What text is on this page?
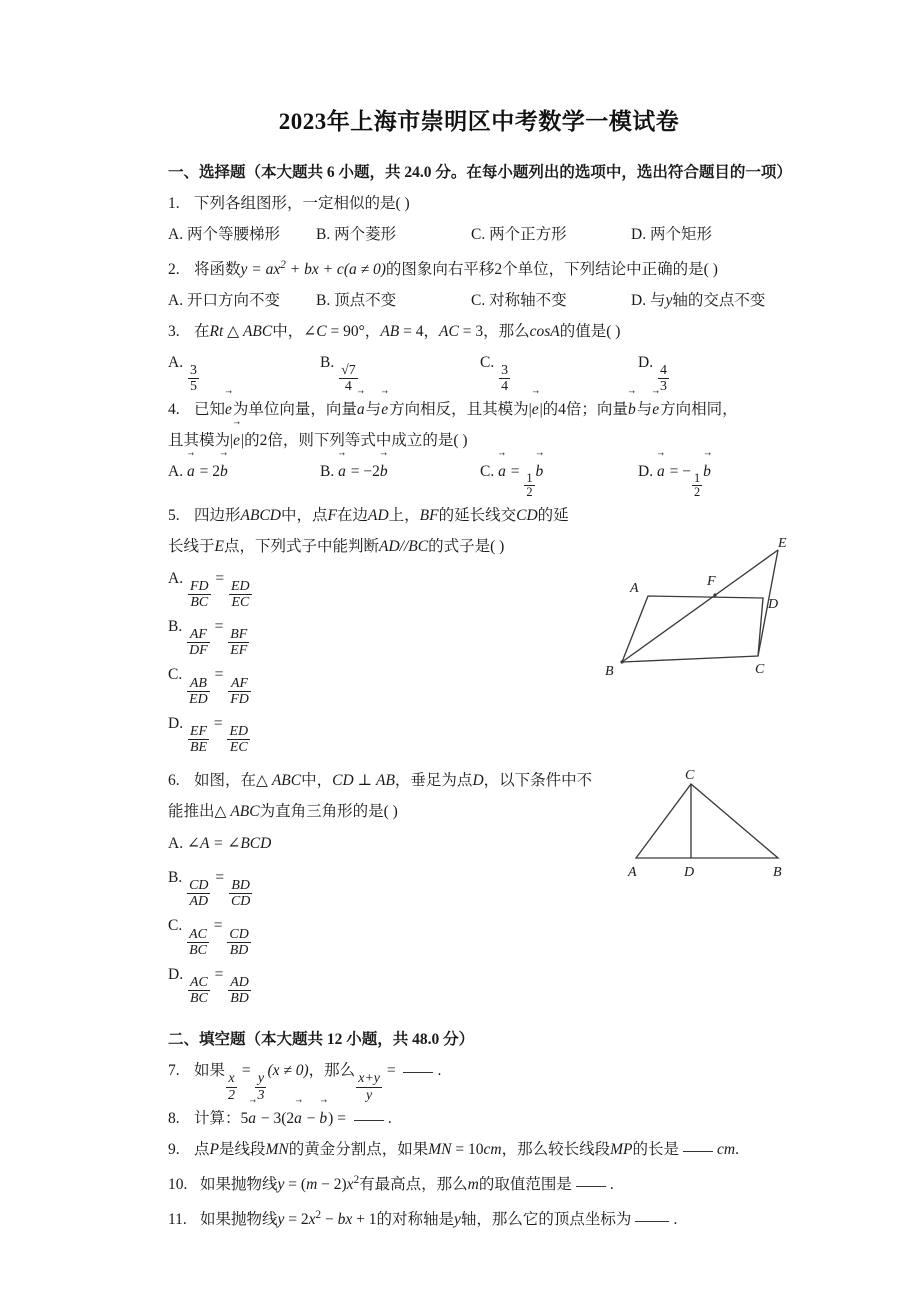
2023年上海市崇明区中考数学一模试卷
一、选择题（本大题共 6 小题，共 24.0 分。在每小题列出的选项中，选出符合题目的一项）
1. 下列各组图形，一定相似的是( )
A. 两个等腰梯形	B. 两个菱形	C. 两个正方形	D. 两个矩形
2. 将函数$y = ax^2$ + bx + c(a ≠ 0)的图象向右平移2个单位，下列结论中正确的是( )
A. 开口方向不变	B. 顶点不变	C. 对称轴不变	D. 与y轴的交点不变
3. 在Rt △ ABC中，∠C = 90°，AB = 4，AC = 3，那么cosA的值是( )
A.
$\frac{3}{5}$
B.
$\frac{√7}{4}$
C.
$\frac{3}{4}$
D.
$\frac{4}{3}$
4. 已知e →为单位向量，向量a →与e →方向相反，且其模为|e →|的4倍；向量b →与e →方向相同，
且其模为|e →|的2倍，则下列等式中成立的是( )
A. a → = 2b →	B. a → = −2b →	C. a → =
$\frac{1}{2}$
b →	D. a → = −
$\frac{1}{2}$
b →
5. 四边形ABCD中，点F在边AD上，BF的延长线交CD的延
长线于E点，下列式子中能判断AD//BC的式子是( )
A.
$\frac{FD}{BC}$
=
$\frac{ED}{EC}$
B.
$\frac{AF}{DF}$
=
$\frac{BF}{EF}$
C.
$\frac{AB}{ED}$
=
$\frac{AF}{FD}$
D.
$\frac{EF}{BE}$
=
$\frac{ED}{EC}$
6. 如图，在△ ABC中，CD ⊥ AB，垂足为点D，以下条件中不
能推出△ ABC为直角三角形的是( )
A. ∠A = ∠BCD
B.
$\frac{CD}{AD}$
=
$\frac{BD}{CD}$
C.
$\frac{AC}{BC}$
=
$\frac{CD}{BD}$
D.
$\frac{AC}{BC}$
=
$\frac{AD}{BD}$
二、填空题（本大题共 12 小题，共 48.0 分）
7. 如果
$\frac{x}{2}$
=
$\frac{y}{3}$
(x ≠ 0)，那么
$\frac{x+y}{y}$
= .
8. 计算：5a → − 3(2a → − b →) = .
9. 点P是线段MN的黄金分割点，如果MN = 10cm，那么较长线段MP的长是 cm.
10. 如果抛物线$y = (m - 2)x^2$有最高点，那么m的取值范围是 .
11. 如果抛物线$y = 2x^2$ − bx + 1的对称轴是y轴，那么它的顶点坐标为	.
A
B	C
D
E
F
A	D	B
C
